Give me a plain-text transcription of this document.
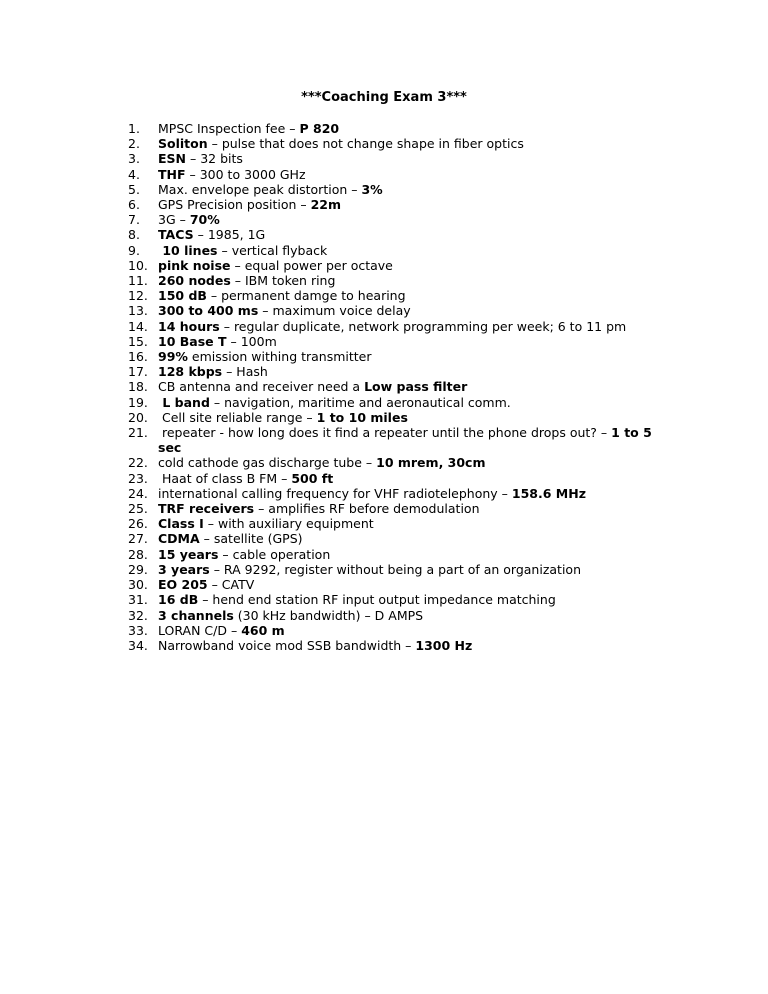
***Coaching Exam 3***
1.	MPSC Inspection fee – P 820
2.	Soliton – pulse that does not change shape in fiber optics
3.	ESN – 32 bits
4.	THF – 300 to 3000 GHz
5.	Max. envelope peak distortion – 3%
6.	GPS Precision position – 22m
7.	3G – 70%
8.	TACS – 1985, 1G
9.	10 lines – vertical flyback
10. pink noise – equal power per octave
11. 260 nodes – IBM token ring
12. 150 dB – permanent damge to hearing
13. 300 to 400 ms – maximum voice delay
14. 14 hours – regular duplicate, network programming per week; 6 to 11 pm
15. 10 Base T – 100m
16. 99% emission withing transmitter
17. 128 kbps – Hash
18. CB antenna and receiver need a Low pass filter
19. L band – navigation, maritime and aeronautical comm.
20. Cell site reliable range – 1 to 10 miles
21. repeater - how long does it find a repeater until the phone drops out? – 1 to 5 sec
22. cold cathode gas discharge tube – 10 mrem, 30cm
23. Haat of class B FM – 500 ft
24. international calling frequency for VHF radiotelephony – 158.6 MHz
25. TRF receivers – amplifies RF before demodulation
26. Class I – with auxiliary equipment
27. CDMA – satellite (GPS)
28. 15 years – cable operation
29. 3 years – RA 9292, register without being a part of an organization
30. EO 205 – CATV
31. 16 dB – hend end station RF input output impedance matching
32. 3 channels (30 kHz bandwidth) – D AMPS
33. LORAN C/D – 460 m
34. Narrowband voice mod SSB bandwidth – 1300 Hz
